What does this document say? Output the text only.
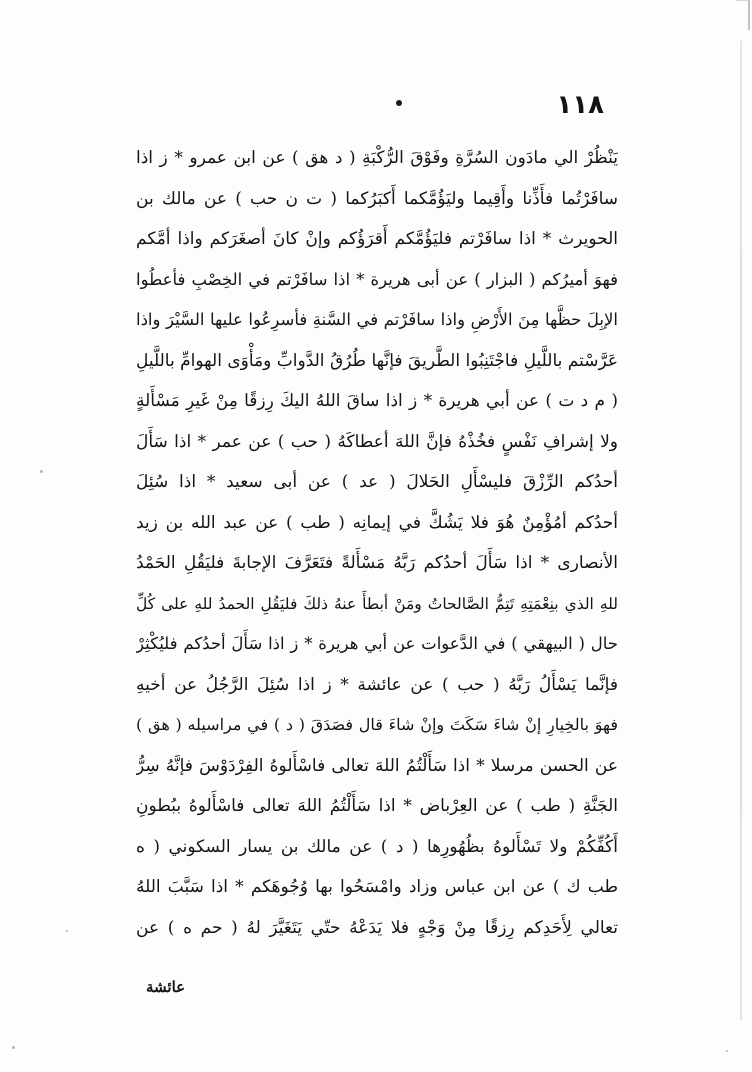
١١٨
يَنْظُرْ الي مادَون السُرَّةِ وفَوْقَ الرُّكْبَةِ ( د هق ) عن ابن عمرو * ز اذا
سافَرْتُما فأَذِّنا وأَقِيما وليَؤُمَّكما أَكبَرُكما ( ت ن حب ) عن مالك بن
الحويرث * اذا سافَرْتم فليَؤُمَّكم أَقرَؤُكم وإنْ كانَ أصغَرَكم واذا أمَّكم
فهوَ أميرُكم ( البزار ) عن أبى هريرة * اذا سافَرْتم في الخِصْبِ فأعطُوا
الإبِلَ حظَّها مِنَ الأَرْضِ واذا سافَرْتم في السَّنةِ فأسرِعُوا عليها السَّيْرَ واذا
عَرَّسْتم باللَّيلِ فاجْتَنِبُوا الطَّريقَ فإنَّها طُرُقُ الدَّوابِّ ومَأْوَى الهوامِّ باللَّيلِ
( م د ت ) عن أبي هريرة * ز اذا ساقَ اللهُ اليكَ رِزقًا مِنْ غَيرِ مَسْأَلةٍ
ولا إشرافِ نَفْسٍ فخُذْهُ فإنَّ اللهَ أعطاكَهُ ( حب ) عن عمر * اذا سَأَلَ
أحدُكم الرِّزْقَ فليسْأَلِ الحَلالَ ( عد ) عن أبى سعيد * اذا سُئِلَ
أحدُكم أمُؤْمِنٌ هُوَ فلا يَشُكَّ في إيمانِه ( طب ) عن عبد الله بن زيد
الأنصارى * اذا سَأَلَ أحدُكم رَبَّهُ مَسْأَلةً فتَعَرَّفَ الإجابةَ فليَقُلِ الحَمْدُ
للهِ الذي بنِعْمَتِهِ تَتِمُّ الصَّالحاتُ ومَنْ أبطأَ عنهُ ذلكَ فليَقُلِ الحمدُ للهِ على كُلِّ
حال ( البيهقي ) في الدَّعوات عن أبي هريرة * ز اذا سَأَلَ أحدُكم فليُكْثِرْ
فإنَّما يَسْأَلُ رَبَّهُ ( حب ) عن عائشة * ز اذا سُئِلَ الرَّجُلُ عن أخيهِ
فهوَ بالخِيارِ إنْ شاءَ سَكَتَ وإنْ شاءَ قال فصَدَقَ ( د ) في مراسيله ( هق )
عن الحسن مرسلا * اذا سَأَلْتُمُ اللهَ تعالى فاسْأَلوهُ الفِرْدَوْسَ فإنَّهُ سِرُّ
الجَنَّةِ ( طب ) عن العِرْباض * اذا سَأَلْتُمُ اللهَ تعالى فاسْأَلوهُ ببُطونِ
أَكُفِّكُمْ ولا تَسْأَلوهُ بظُهُورِها ( د ) عن مالك بن يسار السكوني ( ه
طب ك ) عن ابن عباس وزاد وامْسَحُوا بها وُجُوهَكم * اذا سَبَّبَ اللهُ
تعالي لِأَحَدِكم رِزقًا مِنْ وَجْهٍ فلا يَدَعْهُ حتّي يَتَغَيَّرَ لهُ ( حم ه ) عن
عائشة
